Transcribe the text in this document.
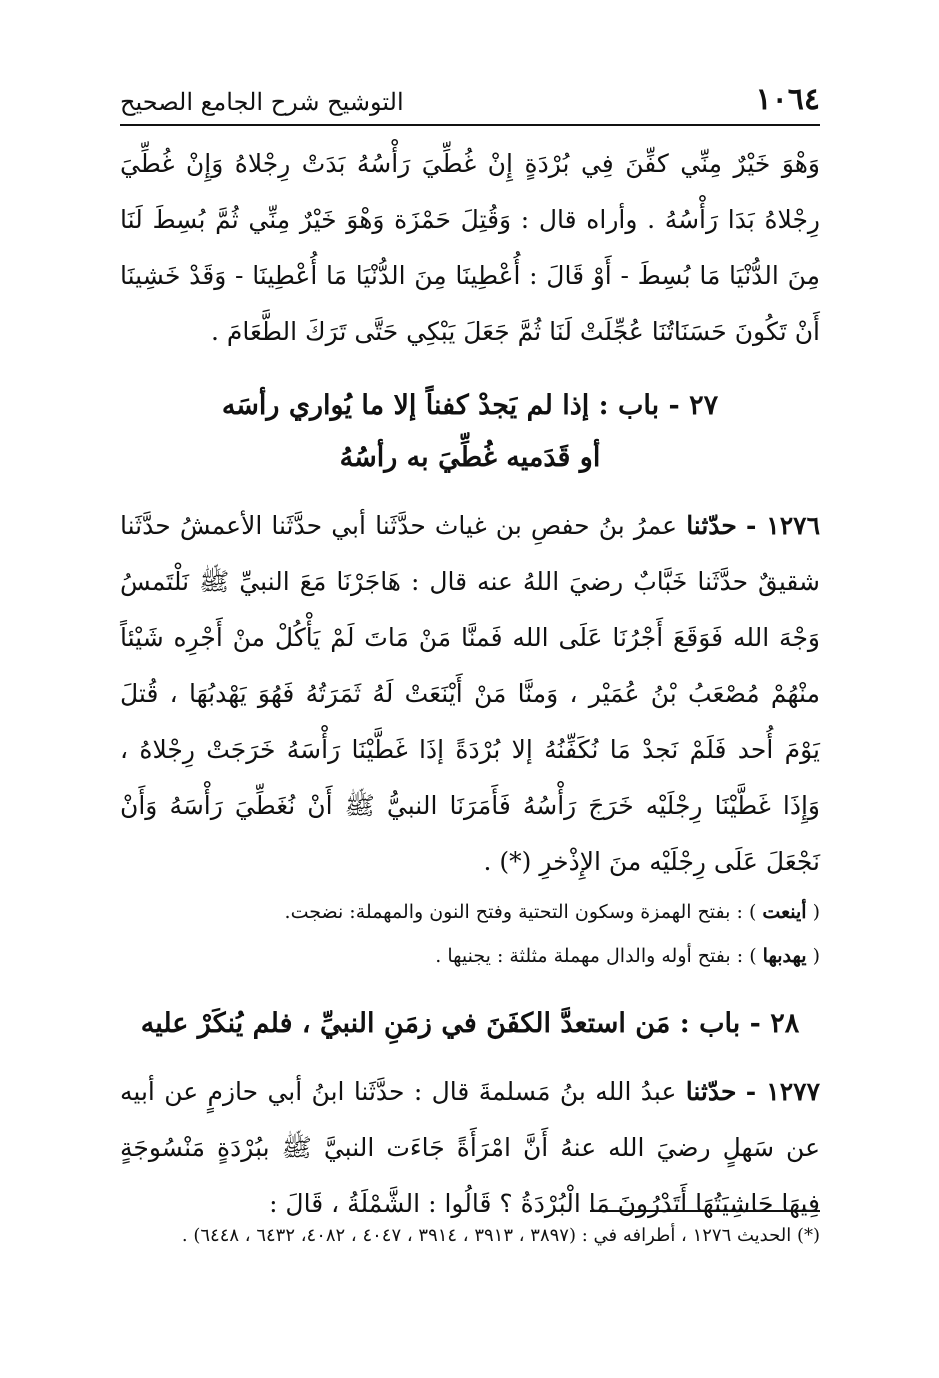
١٠٦٤
التوشيح شرح الجامع الصحيح

وَهْوَ خَيْرٌ مِنِّي كفِّنَ فِي بُرْدَةٍ إِنْ غُطِّيَ رَأْسُهُ بَدَتْ رِجْلاهُ وَإِنْ غُطِّيَ رِجْلاهُ بَدَا رَأْسُهُ . وأراه قال : وَقُتِلَ حَمْزَة وَهْوَ خَيْرٌ مِنِّي ثُمَّ بُسِطَ لَنَا مِنَ الدُّنْيَا مَا بُسِطَ - أَوْ قَالَ : أُعْطِينَا مِنَ الدُّنْيَا مَا أُعْطِينَا - وَقَدْ خَشِينَا أَنْ تَكُونَ حَسَنَاتُنَا عُجِّلَتْ لَنَا ثُمَّ جَعَلَ يَبْكِي حَتَّى تَرَكَ الطَّعَامَ .

٢٧ - باب : إذا لم يَجدْ كفناً إلا ما يُواري رأسَه
أو قَدَميه غُطِّيَ به رأسُهُ

١٢٧٦ - حدّثنا عمرُ بنُ حفصِ بن غياث حدَّثَنا أبي حدَّثَنا الأعمشُ حدَّثَنا شقيقٌ حدَّثَنا خَبَّابٌ رضيَ اللهُ عنه قال : هَاجَرْنَا مَعَ النبيِّ ﷺ نَلْتَمسُ وَجْهَ الله فَوَقَعَ أَجْرُنَا عَلَى الله فَمنَّا مَنْ مَاتَ لَمْ يَأْكُلْ منْ أَجْرِه شَيْئاً منْهُمْ مُصْعَبُ بْنُ عُمَيْر ، وَمنَّا مَنْ أَيْنَعَتْ لَهُ ثَمَرَتُهُ فَهُوَ يَهْدبُهَا ، قُتلَ يَوْمَ أُحد فَلَمْ نَجدْ مَا نُكَفِّنُهُ إلا بُرْدَةً إذَا غَطَّيْنَا رَأْسَهُ خَرَجَتْ رِجْلاهُ ، وَإِذَا غَطَّيْنَا رِجْلَيْه خَرَجَ رَأْسُهُ فَأَمَرَنَا النبيُّ ﷺ أَنْ نُغَطِّيَ رَأْسَهُ وَأَنْ نَجْعَلَ عَلَى رِجْلَيْه منَ الإِذْخرِ (*) .

( أينعت ) : بفتح الهمزة وسكون التحتية وفتح النون والمهملة: نضجت.

( يهدبها ) : بفتح أوله والدال مهملة مثلثة : يجنيها .

٢٨ - باب : مَن استعدَّ الكفَنَ في زمَنِ النبيِّ ، فلم يُنكَرْ عليه

١٢٧٧ - حدّثنا عبدُ الله بنُ مَسلمةَ قال : حدَّثَنا ابنُ أبي حازمٍ عن أبيه عن سَهلٍ رضيَ الله عنهُ أَنَّ امْرَأَةً جَاءَت النبيَّ ﷺ ببُرْدَةٍ مَنْسُوجَةٍ فِيهَا حَاشِيَتُهَا أَتَدْرُونَ مَا الْبُرْدَةُ ؟ قَالُوا : الشَّمْلَةُ ، قَالَ :

(*) الحديث ١٢٧٦ ، أطرافه في : (٣٨٩٧ ، ٣٩١٣ ، ٣٩١٤ ، ٤٠٤٧ ، ٤٠٨٢، ٦٤٣٢ ، ٦٤٤٨) .
